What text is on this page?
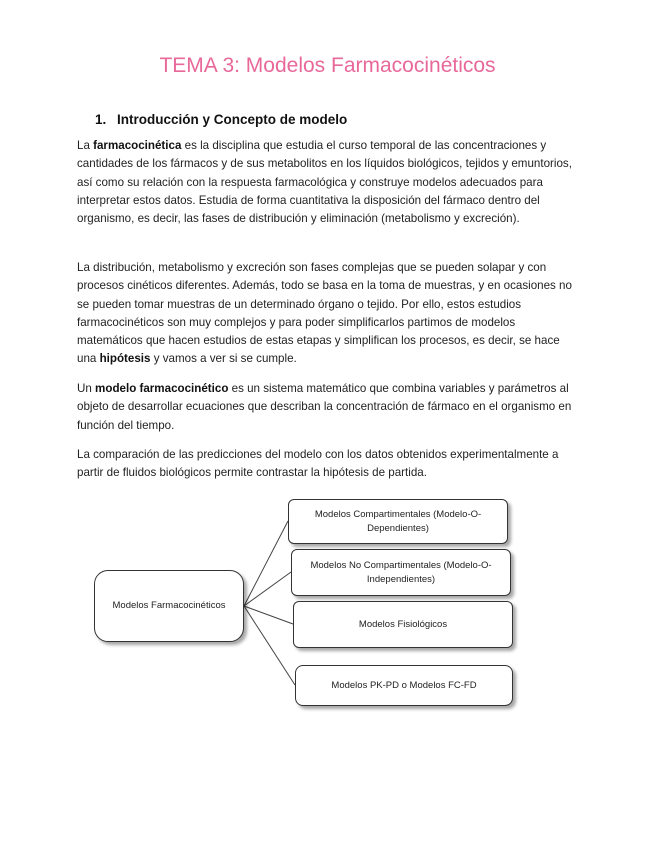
TEMA 3: Modelos Farmacocinéticos
1. Introducción y Concepto de modelo

La farmacocinética es la disciplina que estudia el curso temporal de las concentraciones y cantidades de los fármacos y de sus metabolitos en los líquidos biológicos, tejidos y emuntorios, así como su relación con la respuesta farmacológica y construye modelos adecuados para interpretar estos datos. Estudia de forma cuantitativa la disposición del fármaco dentro del organismo, es decir, las fases de distribución y eliminación (metabolismo y excreción).

La distribución, metabolismo y excreción son fases complejas que se pueden solapar y con procesos cinéticos diferentes. Además, todo se basa en la toma de muestras, y en ocasiones no se pueden tomar muestras de un determinado órgano o tejido. Por ello, estos estudios farmacocinéticos son muy complejos y para poder simplificarlos partimos de modelos matemáticos que hacen estudios de estas etapas y simplifican los procesos, es decir, se hace una hipótesis y vamos a ver si se cumple.

Un modelo farmacocinético es un sistema matemático que combina variables y parámetros al objeto de desarrollar ecuaciones que describan la concentración de fármaco en el organismo en función del tiempo.

La comparación de las predicciones del modelo con los datos obtenidos experimentalmente a partir de fluidos biológicos permite contrastar la hipótesis de partida.

Modelos Farmacocinéticos
Modelos Compartimentales (Modelo-O-Dependientes)
Modelos No Compartimentales (Modelo-O-Independientes)
Modelos Fisiológicos
Modelos PK-PD o Modelos FC-FD
